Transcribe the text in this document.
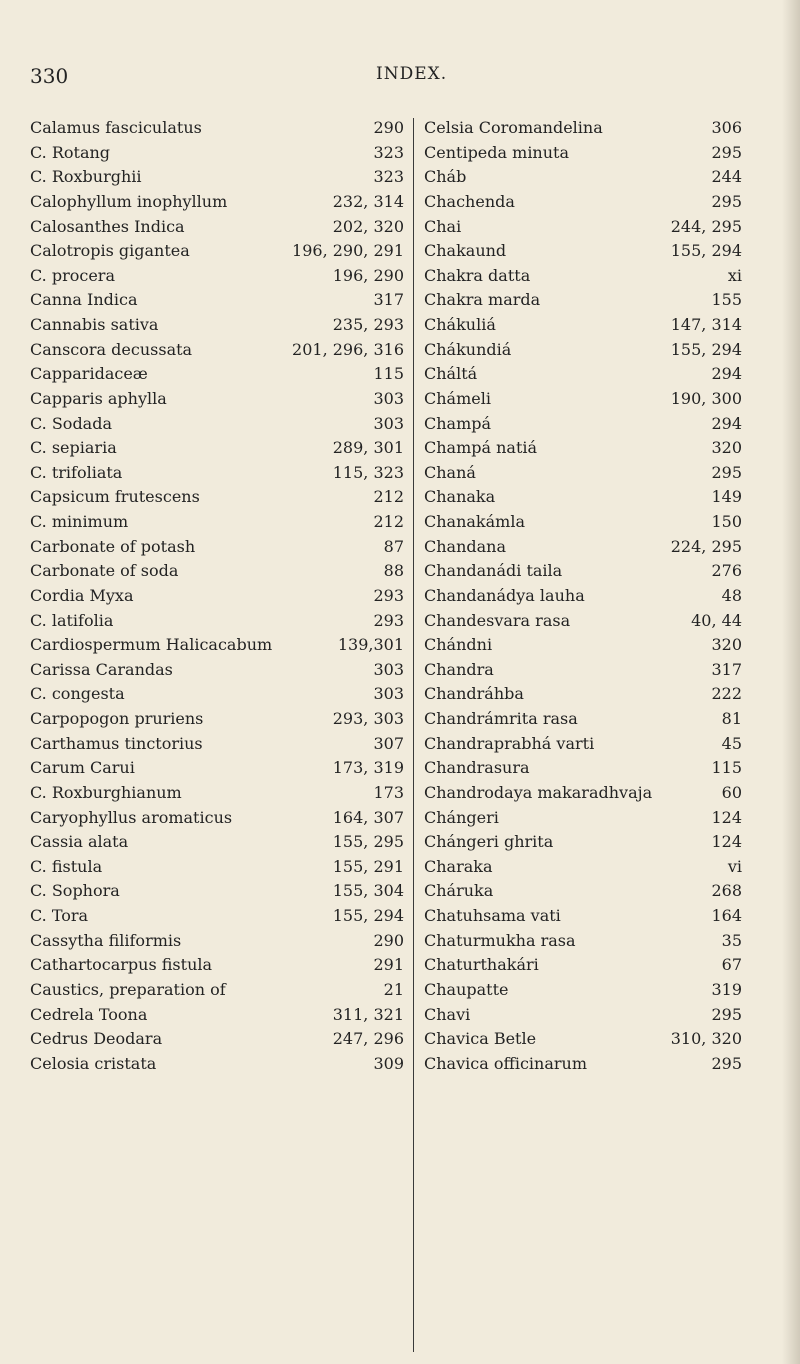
330	INDEX.
Calamus fasciculatus	290
C. Rotang	323
C. Roxburghii	323
Calophyllum inophyllum	232, 314
Calosanthes Indica	202, 320
Calotropis gigantea	196, 290, 291
C. procera	196, 290
Canna Indica	317
Cannabis sativa	235, 293
Canscora decussata	201, 296, 316
Capparidaceæ	115
Capparis aphylla	303
C. Sodada	303
C. sepiaria	289, 301
C. trifoliata	115, 323
Capsicum frutescens	212
C. minimum	212
Carbonate of potash	87
Carbonate of soda	88
Cordia Myxa	293
C. latifolia	293
Cardiospermum Halicacabum	139,301
Carissa Carandas	303
C. congesta	303
Carpopogon pruriens	293, 303
Carthamus tinctorius	307
Carum Carui	173, 319
C. Roxburghianum	173
Caryophyllus aromaticus	164, 307
Cassia alata	155, 295
C. fistula	155, 291
C. Sophora	155, 304
C. Tora	155, 294
Cassytha filiformis	290
Cathartocarpus fistula	291
Caustics, preparation of	21
Cedrela Toona	311, 321
Cedrus Deodara	247, 296
Celosia cristata	309
Celsia Coromandelina	306
Centipeda minuta	295
Cháb	244
Chachenda	295
Chai	244, 295
Chakaund	155, 294
Chakra datta	xi
Chakra marda	155
Chákuliá	147, 314
Chákundiá	155, 294
Cháltá	294
Chámeli	190, 300
Champá	294
Champá natiá	320
Chaná	295
Chanaka	149
Chanakámla	150
Chandana	224, 295
Chandanádi taila	276
Chandanádya lauha	48
Chandesvara rasa	40, 44
Chándni	320
Chandra	317
Chandráhba	222
Chandrámrita rasa	81
Chandraprabhá varti	45
Chandrasura	115
Chandrodaya makaradhvaja	60
Chángeri	124
Chángeri ghrita	124
Charaka	vi
Cháruka	268
Chatuhsama vati	164
Chaturmukha rasa	35
Chaturthakári	67
Chaupatte	319
Chavi	295
Chavica Betle	310, 320
Chavica officinarum	295
